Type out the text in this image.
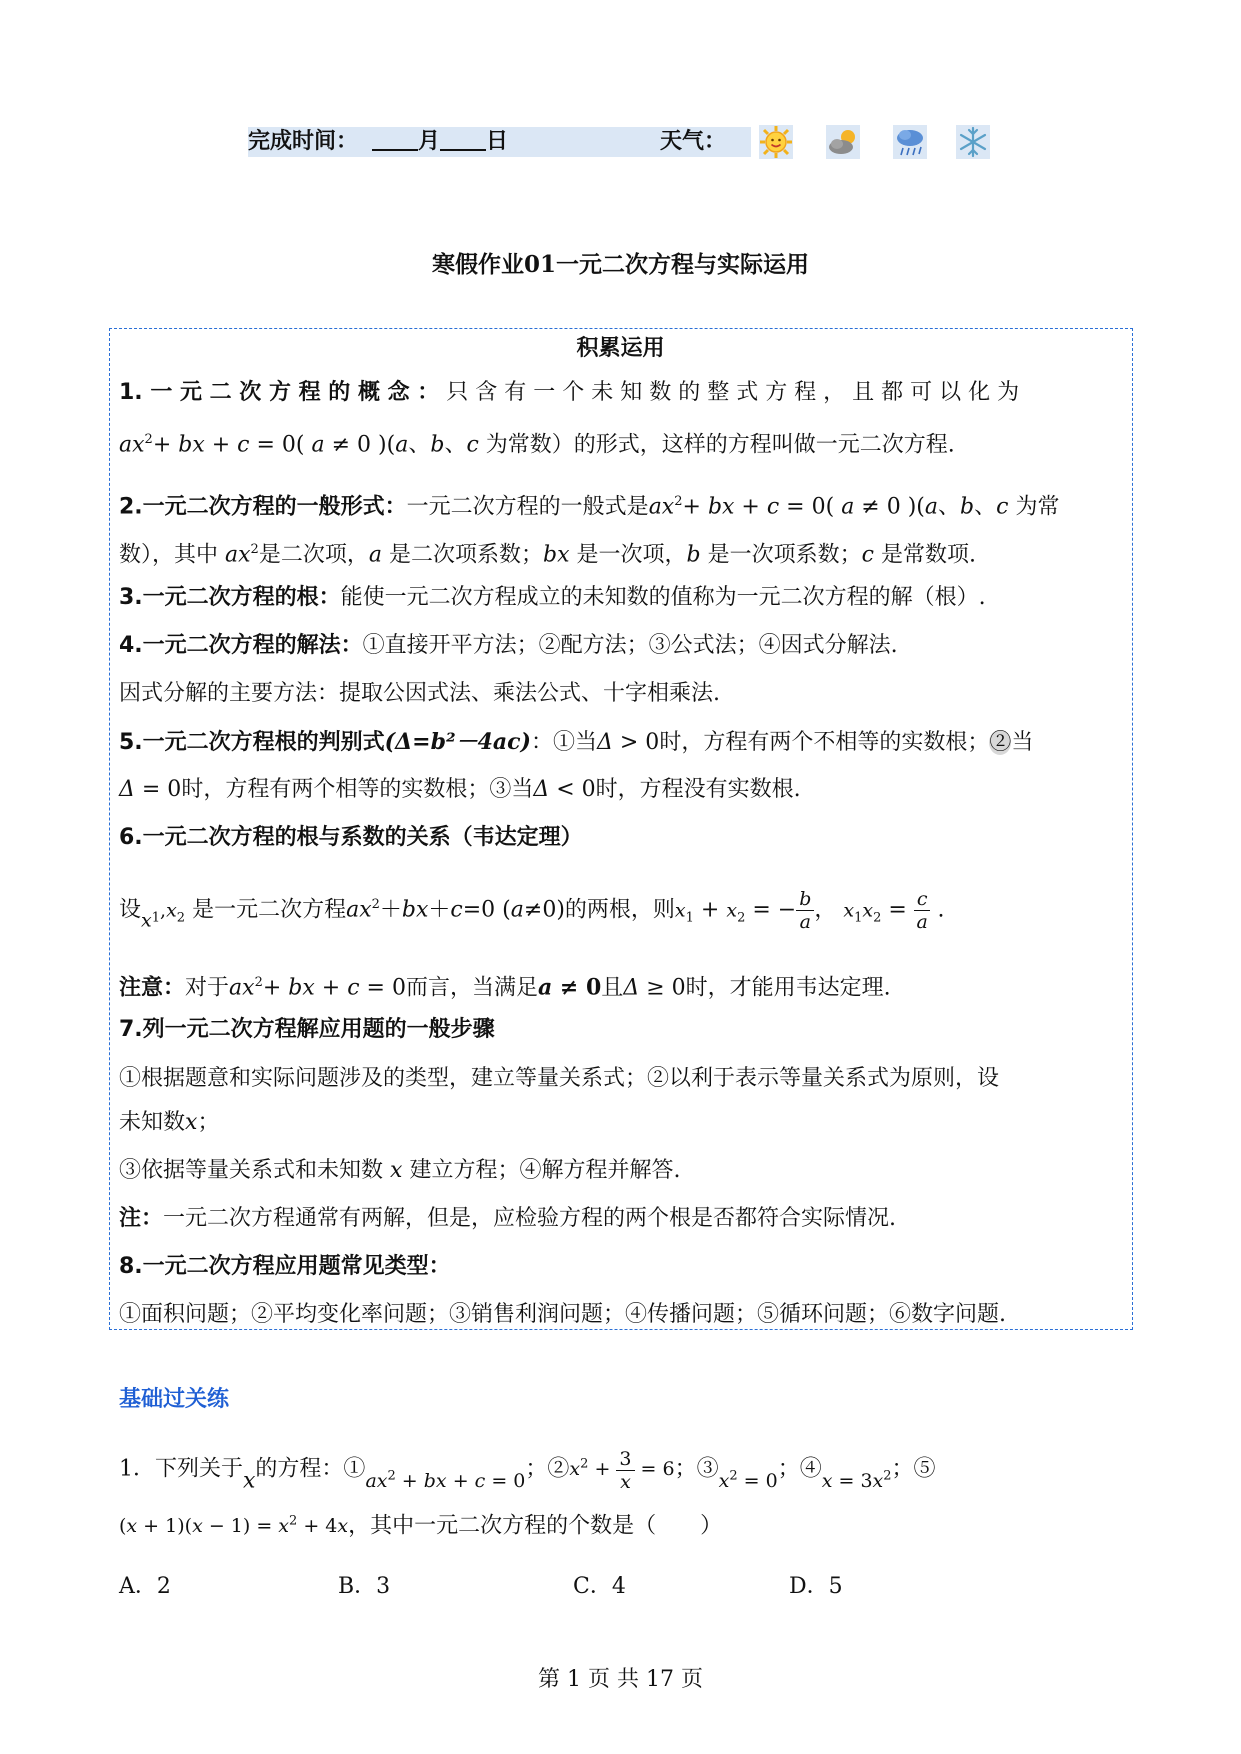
完成时间：	月 日	天气：
寒假作业01一元二次方程与实际运用
积累运用
1. 一 元 二 次 方 程 的 概 念 ： 只 含 有 一 个 未 知 数 的 整 式 方 程 ， 且 都 可 以 化 为
$ax^2+$ bx + c = 0( a ≠ 0 )(a、b、c 为常数）的形式，这样的方程叫做一元二次方程.
2.一元二次方程的一般形式：一元二次方程的一般式是$ax^2+$ bx + c = 0( a ≠ 0 )(a、b、c 为常
数），其中 $ax^2$是二次项，a 是二次项系数；bx 是一次项，b 是一次项系数；c 是常数项.
3.一元二次方程的根：能使一元二次方程成立的未知数的值称为一元二次方程的解（根）.
4.一元二次方程的解法：①直接开平方法；②配方法；③公式法；④因式分解法.
因式分解的主要方法：提取公因式法、乘法公式、十字相乘法.
5.一元二次方程根的判别式(Δ=b²－4ac)：①当Δ > 0时，方程有两个不相等的实数根；②当
Δ = 0时，方程有两个相等的实数根；③当Δ < 0时，方程没有实数根.
6.一元二次方程的根与系数的关系（韦达定理）
设$x_1,x_2$ 是一元二次方程$ax^2+bx+c=0$ (a≠0)的两根，则$x_1 + x_2$ = − $\frac{b}{a}$ ， $x_1x_2 = \frac{c}{a}$ .
注意：对于$ax^2+$ bx + c = 0而言，当满足a ≠ 0且Δ ≥ 0时，才能用韦达定理.
7.列一元二次方程解应用题的一般步骤
①根据题意和实际问题涉及的类型，建立等量关系式；②以利于表示等量关系式为原则，设
未知数x；
③依据等量关系式和未知数 x 建立方程；④解方程并解答.
注：一元二次方程通常有两解，但是，应检验方程的两个根是否都符合实际情况.
8.一元二次方程应用题常见类型：
①面积问题；②平均变化率问题；③销售利润问题；④传播问题；⑤循环问题；⑥数字问题.
基础过关练
1．下列关于x的方程：$①ax^2$ + bx + c = 0；$②x^2 + \frac{3}{x} = 6$；$③x^2 = 0$；④x = $3x^2$；⑤
$(x + 1)(x - 1) = x^2 + 4x$，其中一元二次方程的个数是（　　）
A．2	B．3	C．4	D．5
第 1 页 共 17 页
